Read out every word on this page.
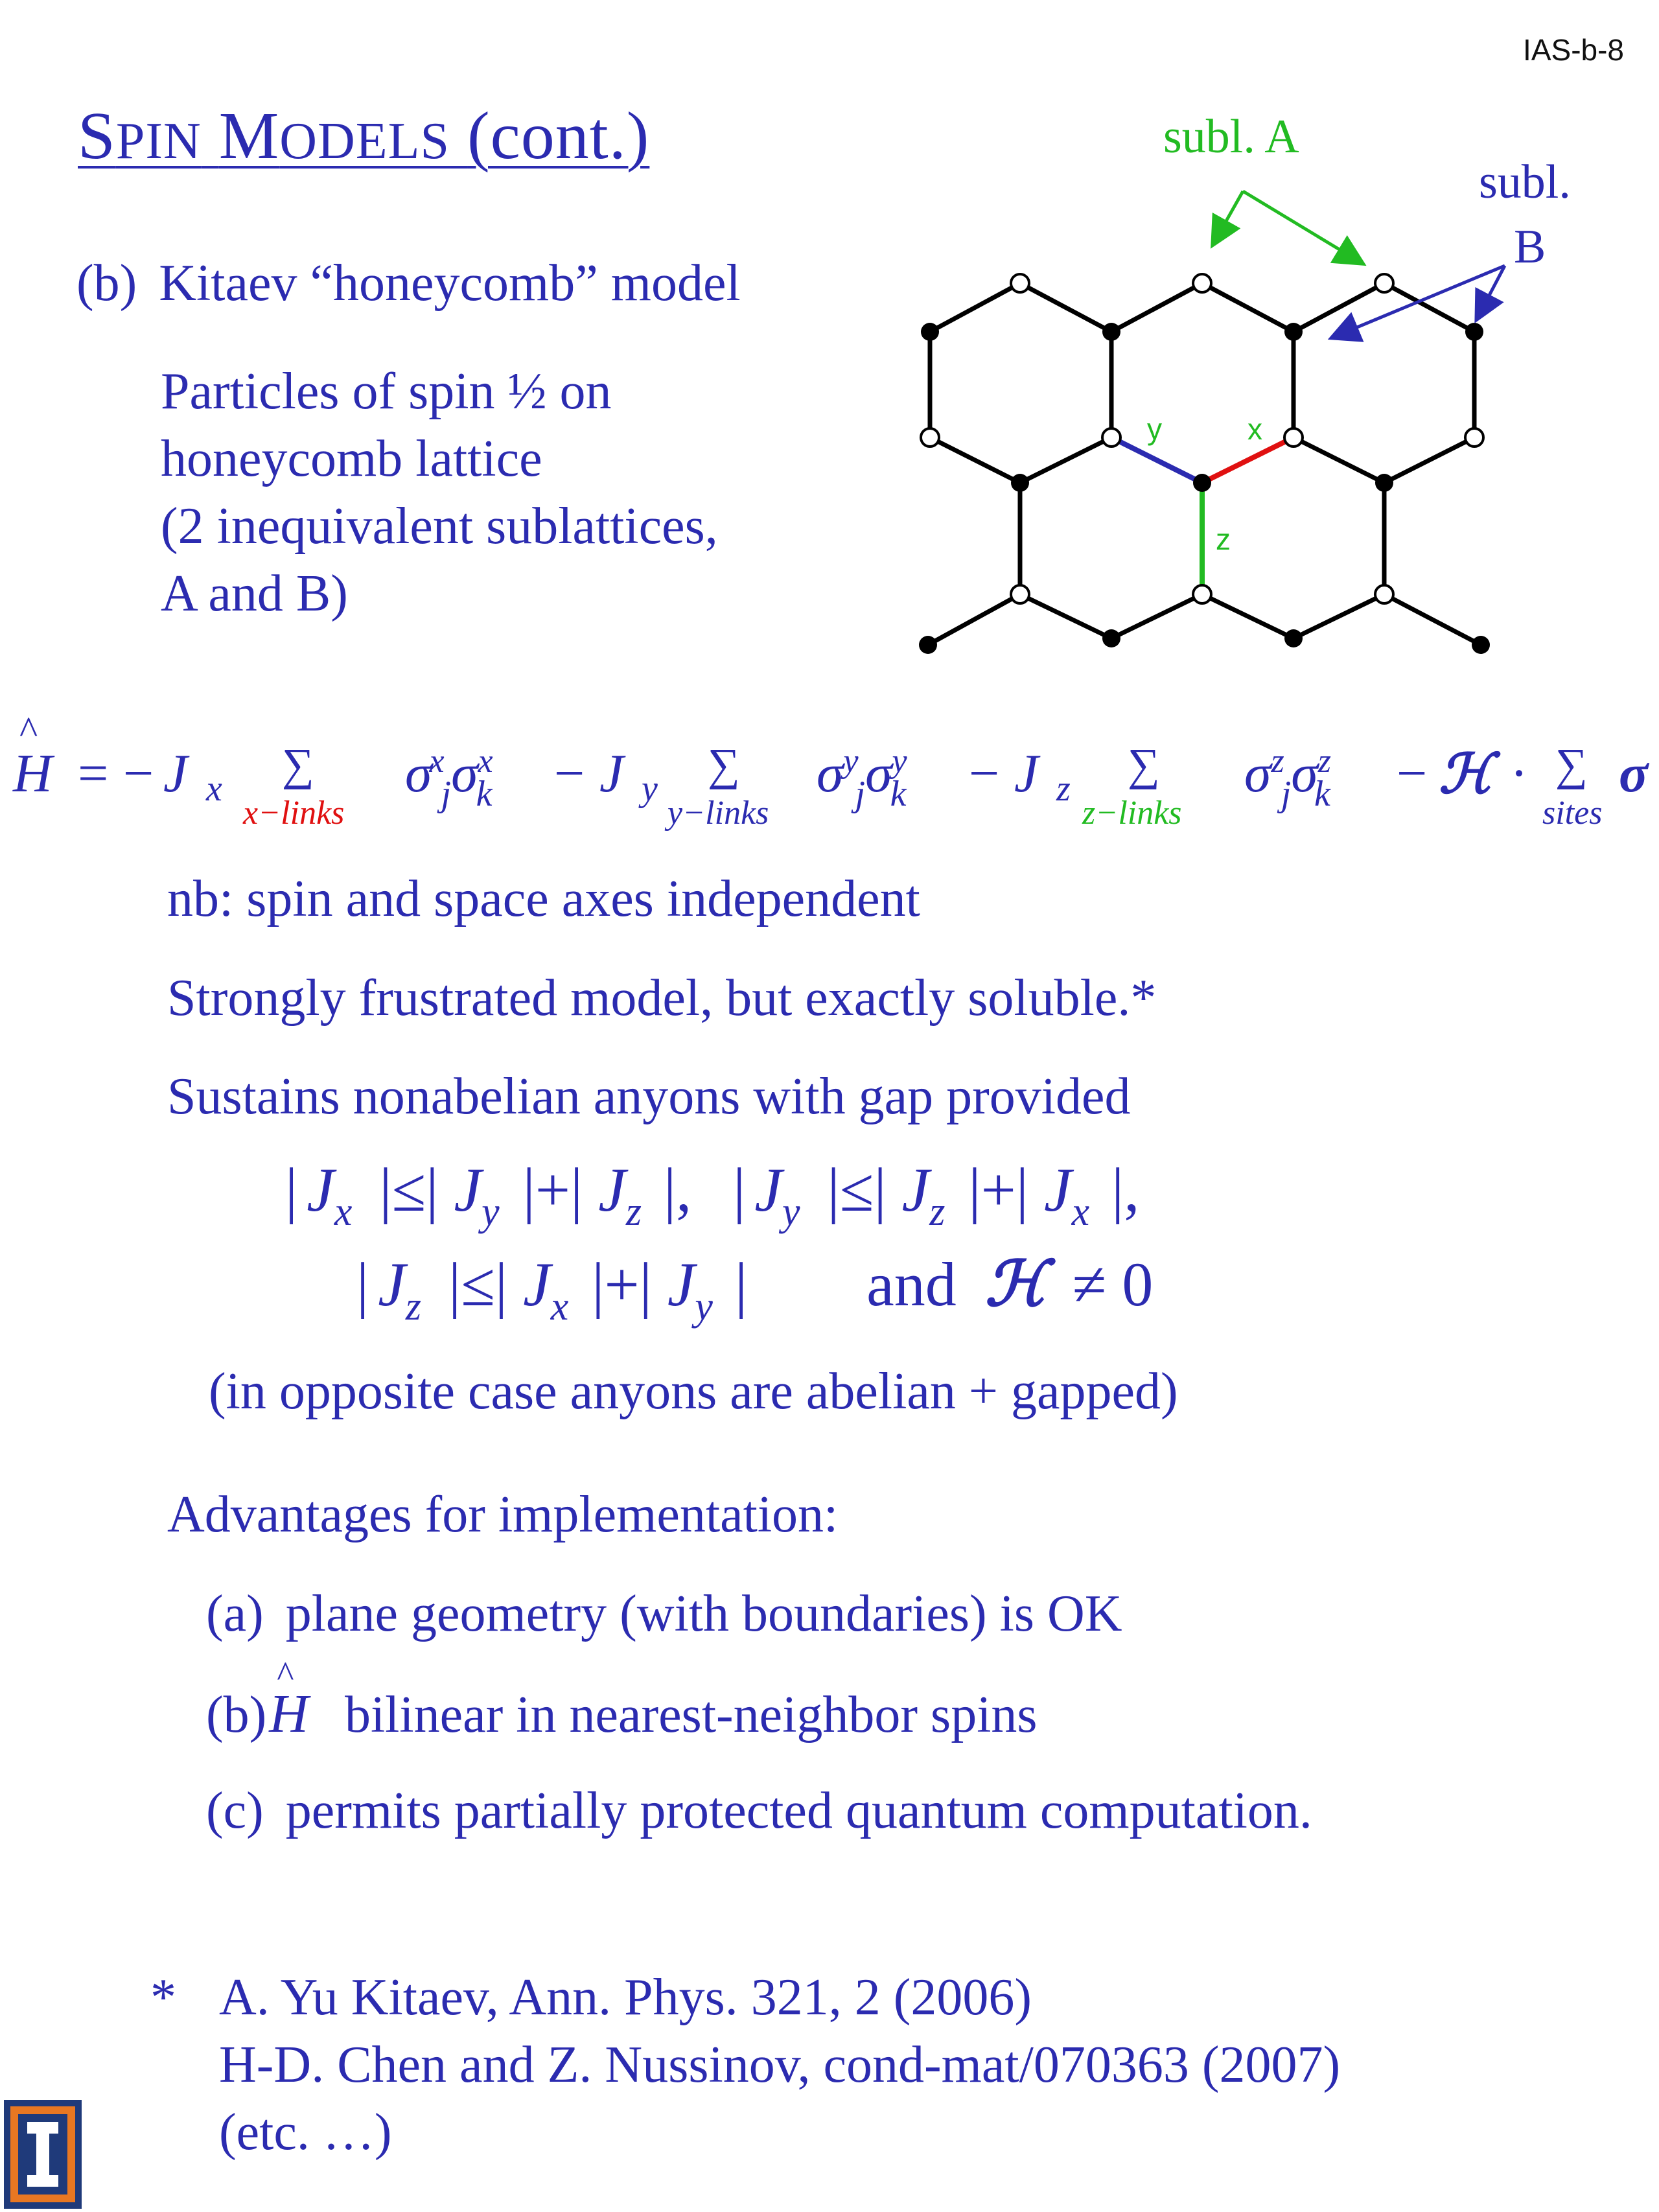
IAS-b-8
SPIN MODELS (cont.)
(b) Kitaev “honeycomb” model
Particles of spin ½ on
honeycomb lattice
(2 inequivalent sublattices,
A and B)
subl. A
subl.
B
y	x
z
H
^
= − J x ∑
x−links
$\sigma^x$ $_j\sigma^x_k - J$ y ∑
y−links
$\sigma^y$ $_j\sigma^y_k - J$ z ∑
z−links
$\sigma^z$ $_j\sigma^z_k$ − ℋ · ∑
sites
σ
nb: spin and space axes independent
Strongly frustrated model, but exactly soluble.*
Sustains nonabelian anyons with gap provided
| $J_x$ |≤| $J_y$ |+| $J_z$ |, | $J_y$ |≤| $J_z$ |+| $J_x$ |,
| $J_z$ |≤| $J_x$ |+| $J_y$ | and ℋ ≠ 0
(in opposite case anyons are abelian + gapped)
Advantages for implementation:
(a) plane geometry (with boundaries) is OK
(b)H
^
bilinear in nearest-neighbor spins
(c) permits partially protected quantum computation.
* A. Yu Kitaev, Ann. Phys. 321, 2 (2006)
H-D. Chen and Z. Nussinov, cond-mat/070363 (2007)
(etc. …)
